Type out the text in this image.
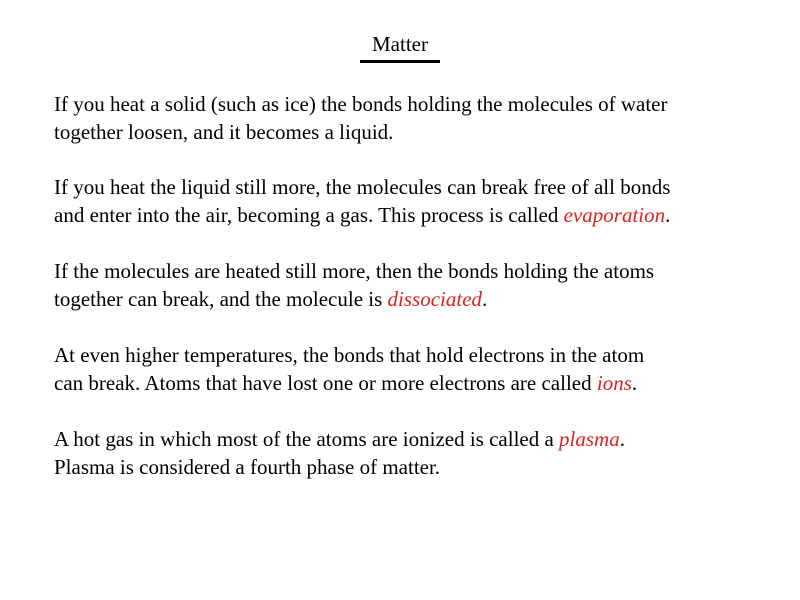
Matter

If you heat a solid (such as ice) the bonds holding the molecules of water
together loosen, and it becomes a liquid.

If you heat the liquid still more, the molecules can break free of all bonds
and enter into the air, becoming a gas. This process is called evaporation.

If the molecules are heated still more, then the bonds holding the atoms
together can break, and the molecule is dissociated.

At even higher temperatures, the bonds that hold electrons in the atom
can break. Atoms that have lost one or more electrons are called ions.

A hot gas in which most of the atoms are ionized is called a plasma.
Plasma is considered a fourth phase of matter.
